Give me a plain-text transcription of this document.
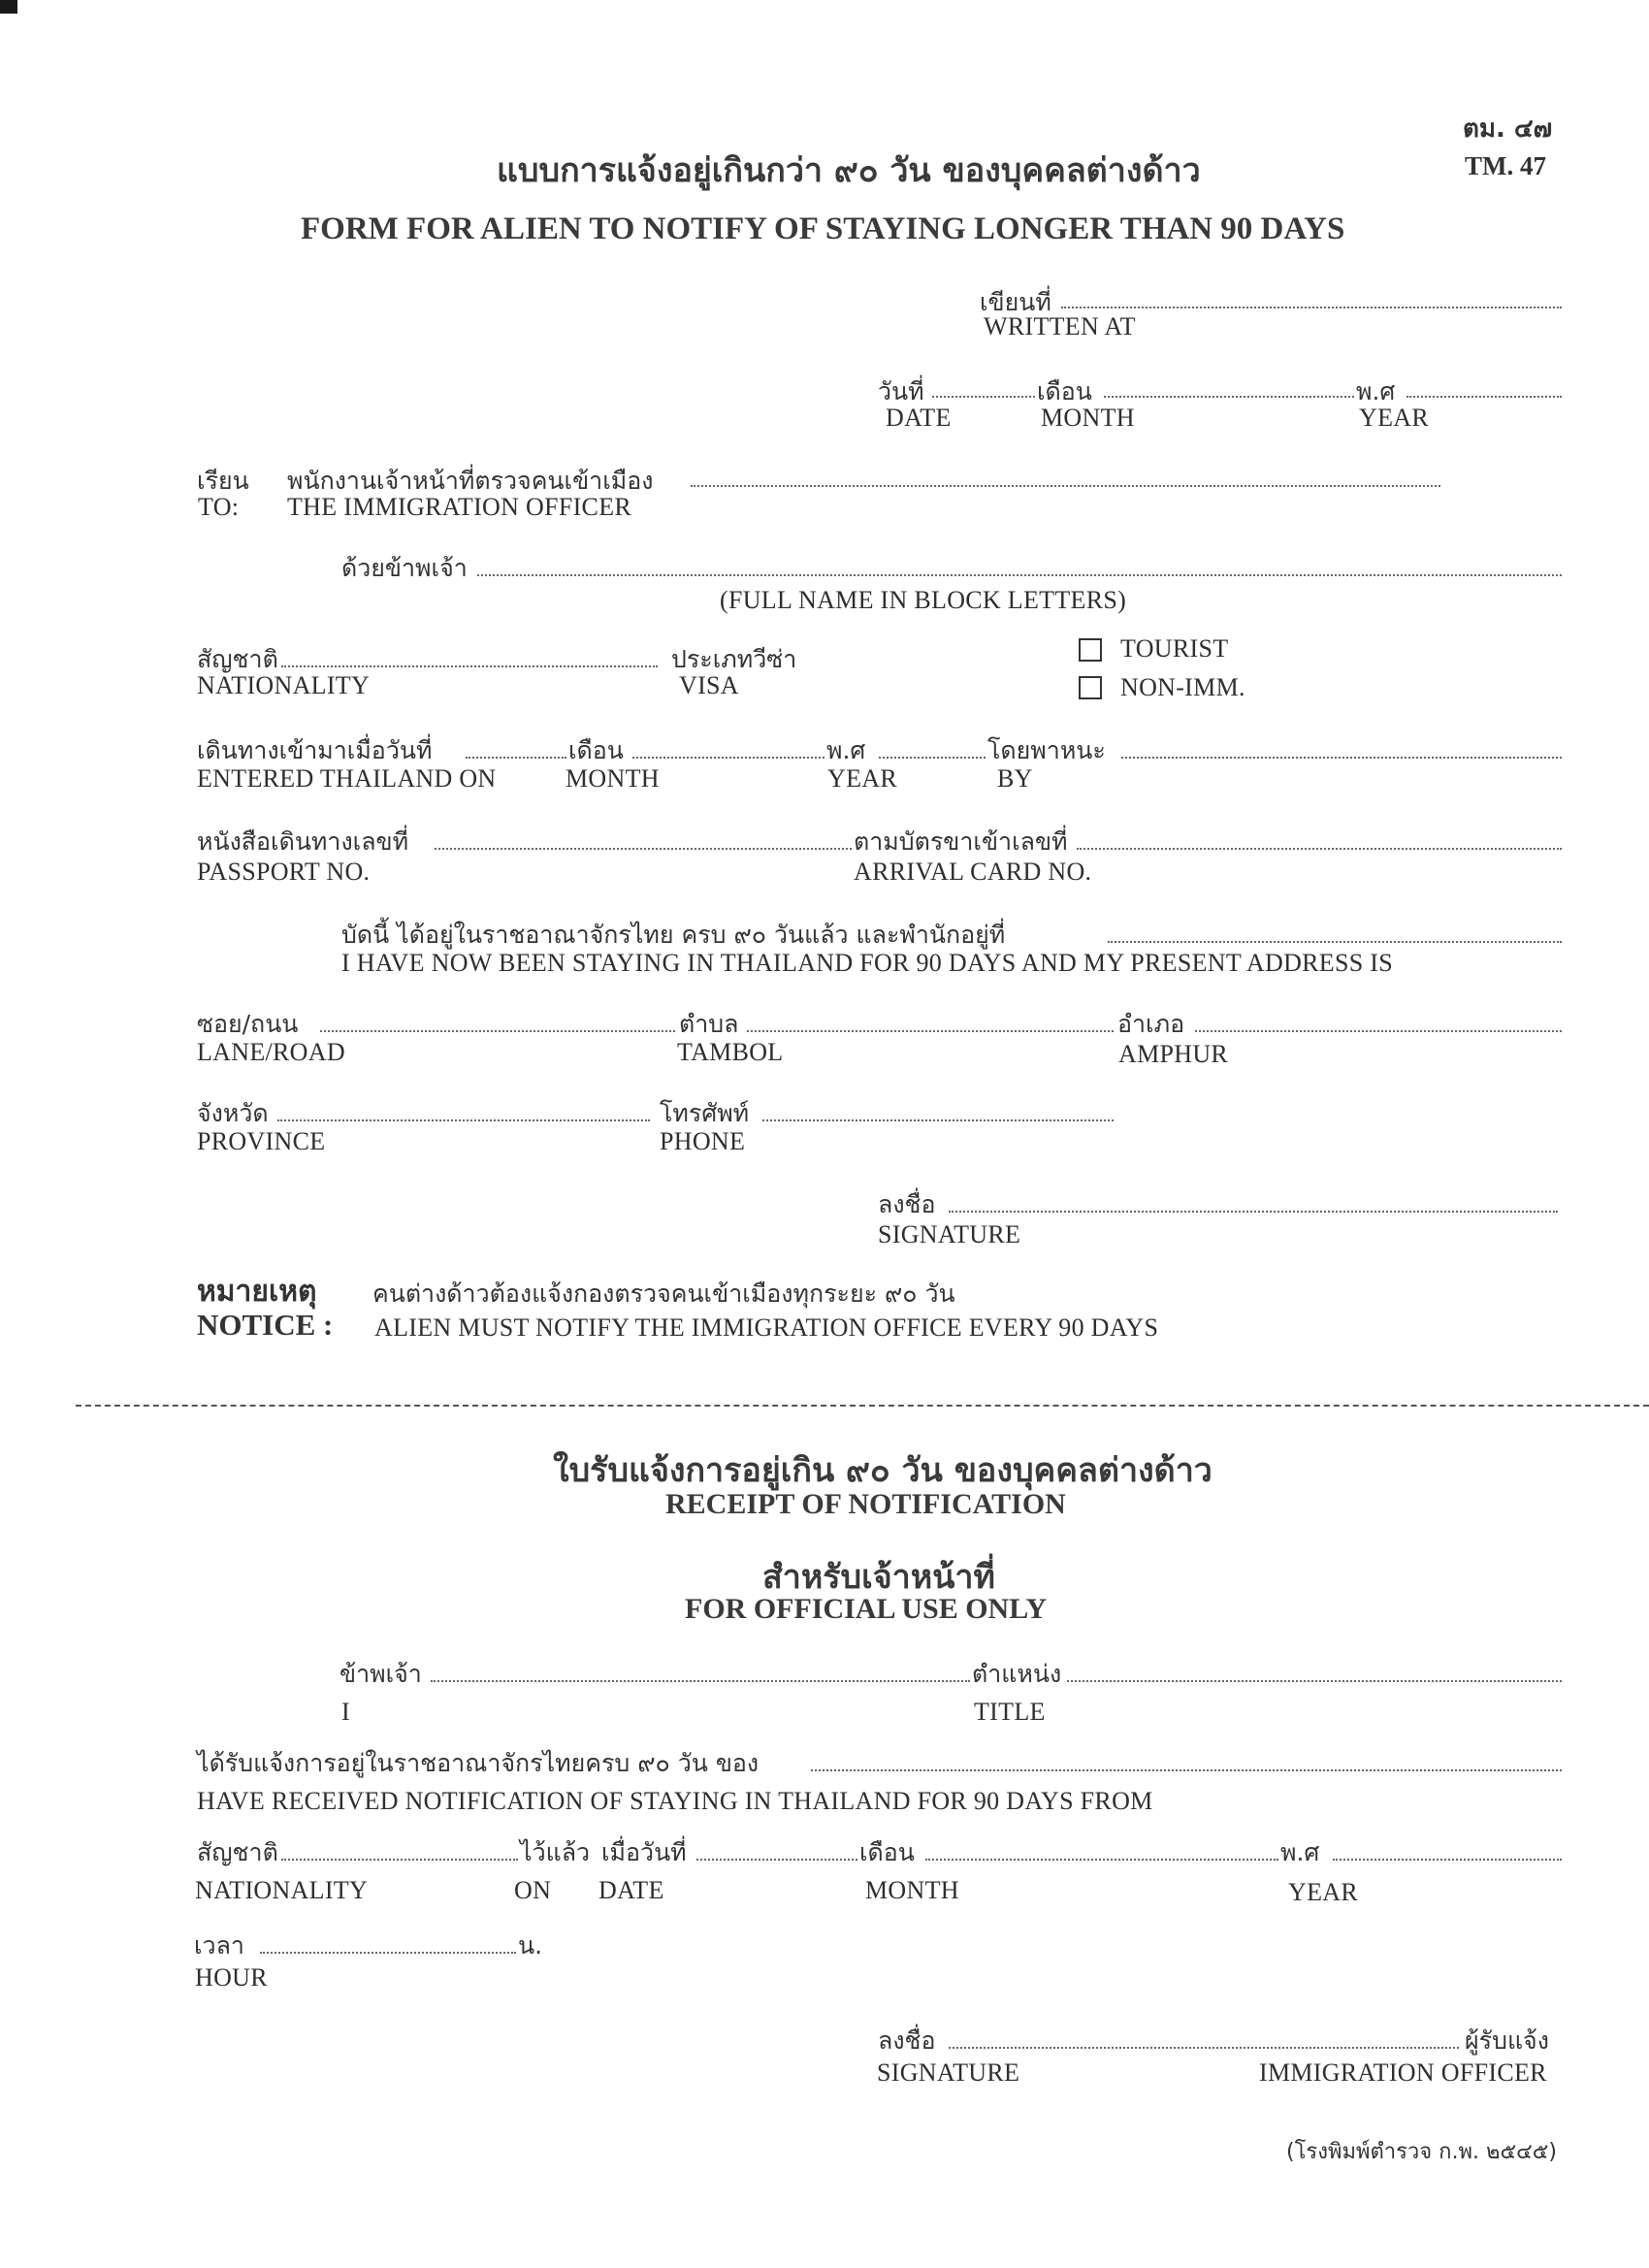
ตม. ๔๗
TM. 47
แบบการแจ้งอยู่เกินกว่า ๙๐ วัน ของบุคคลต่างด้าว
FORM FOR ALIEN TO NOTIFY OF STAYING LONGER THAN 90 DAYS
เขียนที่
WRITTEN AT
วันที่	เดือน	พ.ศ
DATE	MONTH	YEAR
เรียน พนักงานเจ้าหน้าที่ตรวจคนเข้าเมือง
TO: THE IMMIGRATION OFFICER
ด้วยข้าพเจ้า
(FULL NAME IN BLOCK LETTERS)
สัญชาติ
NATIONALITY
ประเภทวีซ่า
VISA
TOURIST
NON-IMM.
เดินทางเข้ามาเมื่อวันที่	เดือน	พ.ศ	โดยพาหนะ
ENTERED THAILAND ON	MONTH	YEAR	BY
หนังสือเดินทางเลขที่	ตามบัตรขาเข้าเลขที่
PASSPORT NO.	ARRIVAL CARD NO.
บัดนี้ ได้อยู่ในราชอาณาจักรไทย ครบ ๙๐ วันแล้ว และพำนักอยู่ที่
I HAVE NOW BEEN STAYING IN THAILAND FOR 90 DAYS AND MY PRESENT ADDRESS IS
ซอย/ถนน	ตำบล	อำเภอ
LANE/ROAD	TAMBOL	AMPHUR
จังหวัด	โทรศัพท์
PROVINCE	PHONE
ลงชื่อ
SIGNATURE
หมายเหตุ คนต่างด้าวต้องแจ้งกองตรวจคนเข้าเมืองทุกระยะ ๙๐ วัน
NOTICE : ALIEN MUST NOTIFY THE IMMIGRATION OFFICE EVERY 90 DAYS
ใบรับแจ้งการอยู่เกิน ๙๐ วัน ของบุคคลต่างด้าว
RECEIPT OF NOTIFICATION
สำหรับเจ้าหน้าที่
FOR OFFICIAL USE ONLY
ข้าพเจ้า	ตำแหน่ง
I	TITLE
ได้รับแจ้งการอยู่ในราชอาณาจักรไทยครบ ๙๐ วัน ของ
HAVE RECEIVED NOTIFICATION OF STAYING IN THAILAND FOR 90 DAYS FROM
สัญชาติ	ไว้แล้ว เมื่อวันที่	เดือน	พ.ศ
NATIONALITY	ON DATE	MONTH	YEAR
เวลา	น.
HOUR
ลงชื่อ	ผู้รับแจ้ง
SIGNATURE	IMMIGRATION OFFICER
(โรงพิมพ์ตำรวจ ก.พ. ๒๕๔๕)
